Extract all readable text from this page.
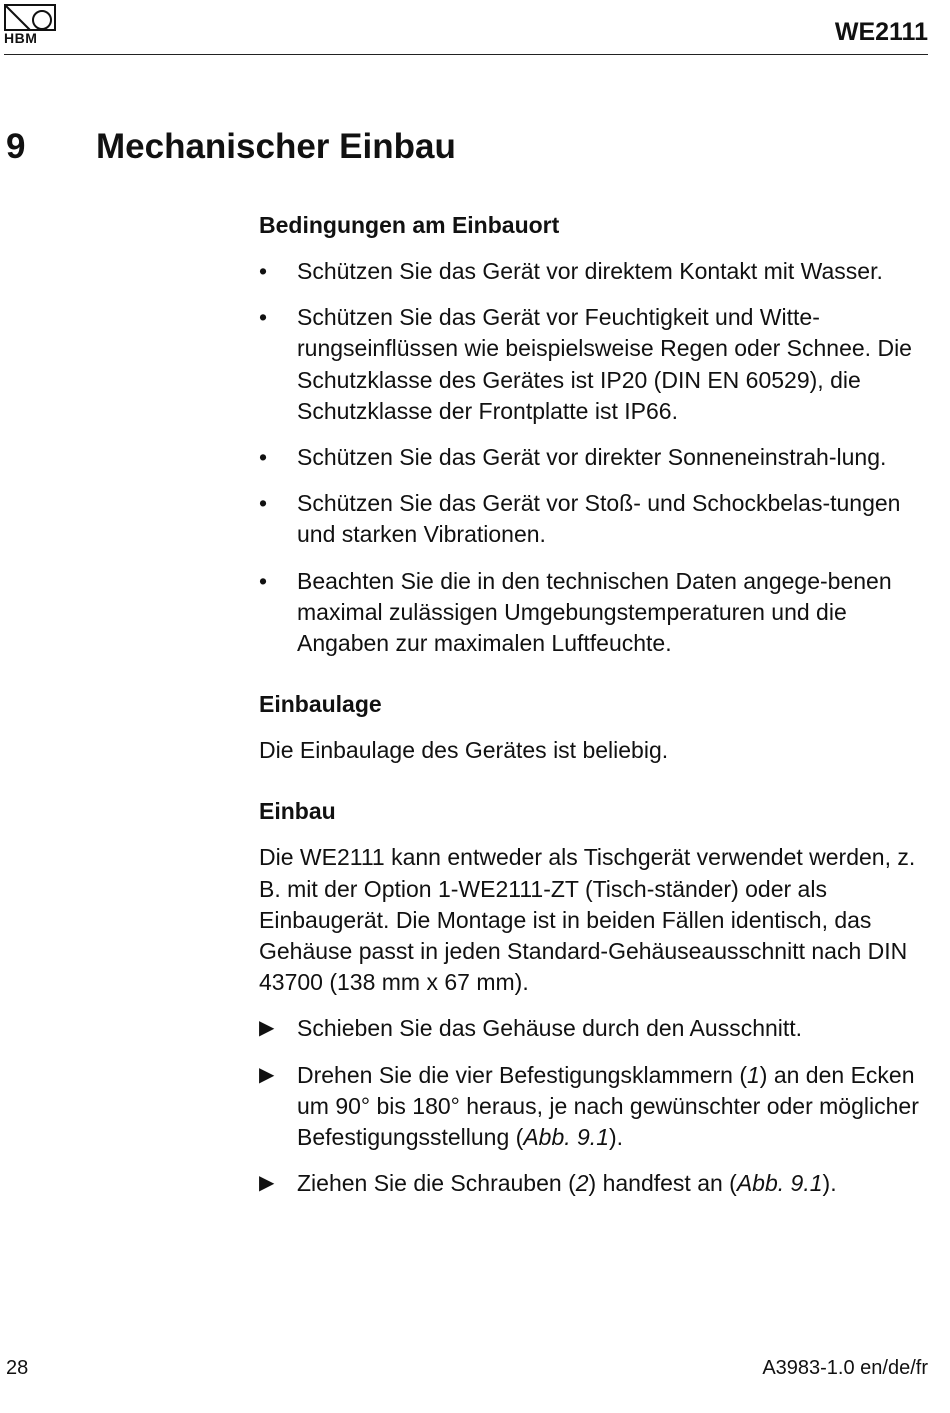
HBM	WE2111
9 Mechanischer Einbau
Bedingungen am Einbauort
• Schützen Sie das Gerät vor direktem Kontakt mit Wasser.
• Schützen Sie das Gerät vor Feuchtigkeit und Witte-rungseinflüssen wie beispielsweise Regen oder Schnee. Die Schutzklasse des Gerätes ist IP20 (DIN EN 60529), die Schutzklasse der Frontplatte ist IP66.
• Schützen Sie das Gerät vor direkter Sonneneinstrah-lung.
• Schützen Sie das Gerät vor Stoß- und Schockbelas-tungen und starken Vibrationen.
• Beachten Sie die in den technischen Daten angege-benen maximal zulässigen Umgebungstemperaturen und die Angaben zur maximalen Luftfeuchte.
Einbaulage

Die Einbaulage des Gerätes ist beliebig.

Einbau

Die WE2111 kann entweder als Tischgerät verwendet werden, z. B. mit der Option 1-WE2111-ZT (Tisch-ständer) oder als Einbaugerät. Die Montage ist in beiden Fällen identisch, das Gehäuse passt in jeden Standard-Gehäuseausschnitt nach DIN 43700 (138 mm x 67 mm).

▶ Schieben Sie das Gehäuse durch den Ausschnitt.
▶ Drehen Sie die vier Befestigungsklammern (1) an den Ecken um 90° bis 180° heraus, je nach gewünschter oder möglicher Befestigungsstellung (Abb. 9.1).
▶ Ziehen Sie die Schrauben (2) handfest an (Abb. 9.1).
28	A3983-1.0 en/de/fr
